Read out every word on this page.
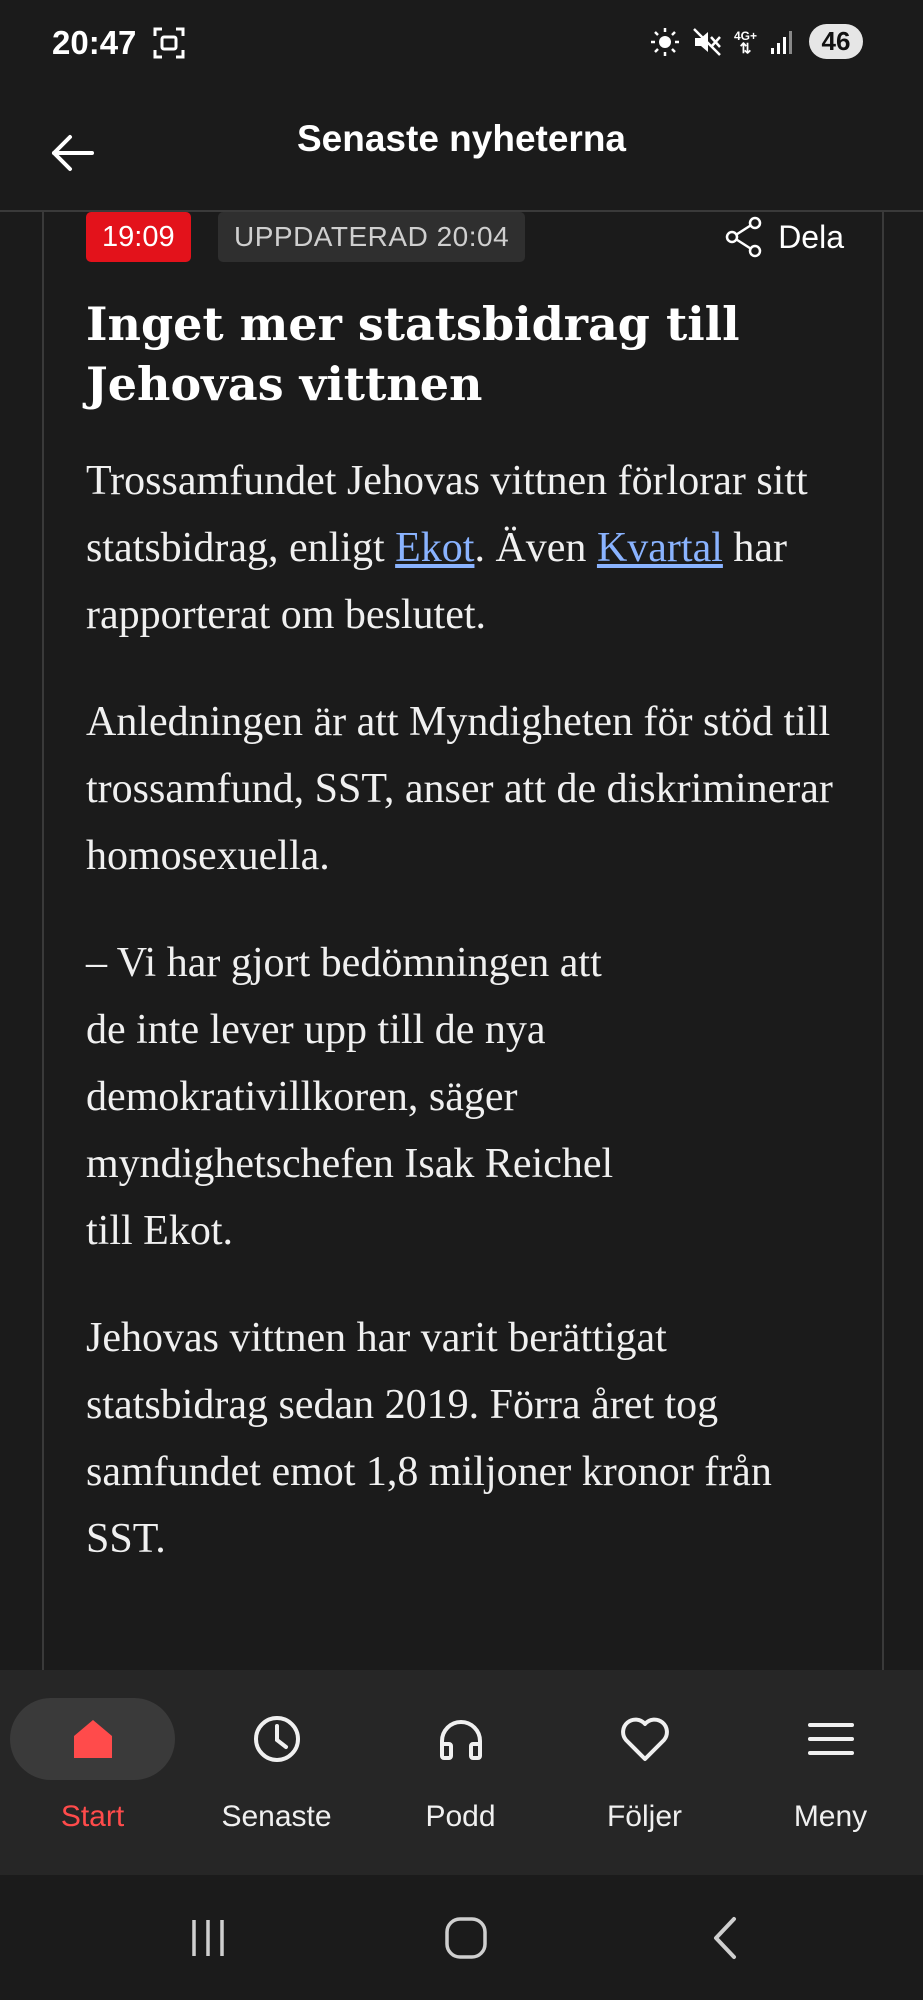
20:47	4G+
⇅	46
Senaste nyheterna
19:09	UPPDATERAD 20:04	Dela
Inget mer statsbidrag till Jehovas vittnen

Trossamfundet Jehovas vittnen förlorar sitt statsbidrag, enligt Ekot. Även Kvartal har rapporterat om beslutet.

Anledningen är att Myndigheten för stöd till trossamfund, SST, anser att de diskriminerar homosexuella.

– Vi har gjort bedömningen att de inte lever upp till de nya demokrativillkoren, säger myndighetschefen Isak Reichel till Ekot.

Jehovas vittnen har varit berättigat statsbidrag sedan 2019. Förra året tog samfundet emot 1,8 miljoner kronor från SST.

Start	Senaste	Podd	Följer	Meny
